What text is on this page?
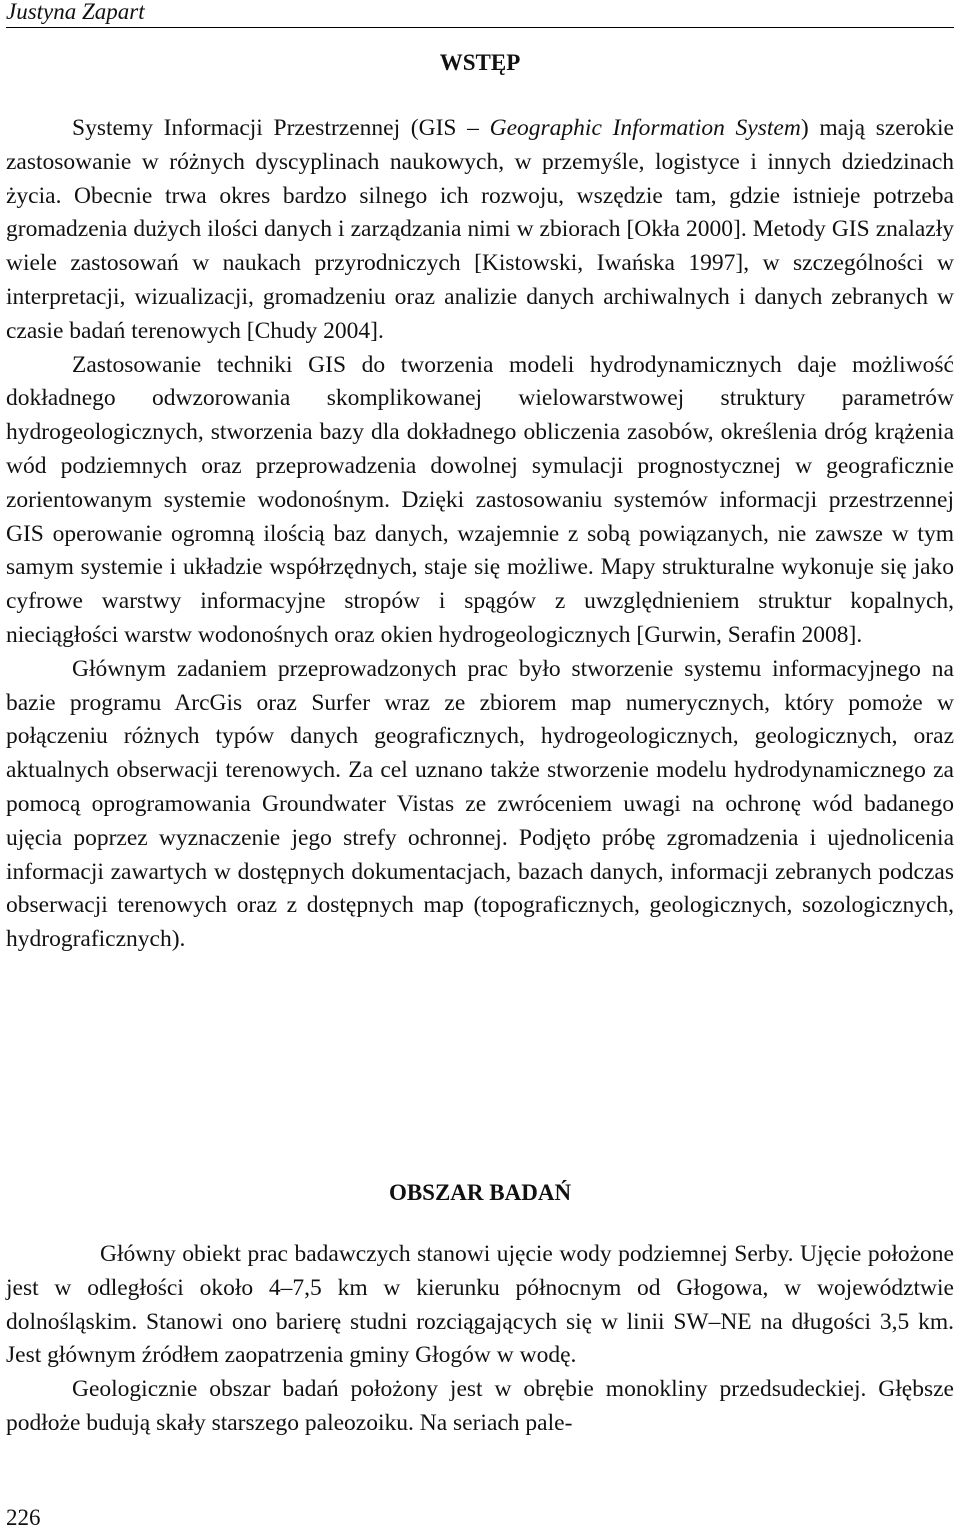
Justyna Zapart
WSTĘP

Systemy Informacji Przestrzennej (GIS – Geographic Information System) mają szerokie zastosowanie w różnych dyscyplinach naukowych, w przemyśle, logistyce i innych dziedzinach życia. Obecnie trwa okres bardzo silnego ich rozwoju, wszędzie tam, gdzie istnieje potrzeba gromadzenia dużych ilości danych i zarządzania nimi w zbiorach [Okła 2000]. Metody GIS znalazły wiele zastosowań w naukach przyrodniczych [Kistowski, Iwańska 1997], w szczególności w interpretacji, wizualizacji, gromadzeniu oraz analizie danych archiwalnych i danych zebranych w czasie badań terenowych [Chudy 2004].

Zastosowanie techniki GIS do tworzenia modeli hydrodynamicznych daje możliwość dokładnego odwzorowania skomplikowanej wielowarstwowej struktury parametrów hydrogeologicznych, stworzenia bazy dla dokładnego obliczenia zasobów, określenia dróg krążenia wód podziemnych oraz przeprowadzenia dowolnej symulacji prognostycznej w geograficznie zorientowanym systemie wodonośnym. Dzięki zastosowaniu systemów informacji przestrzennej GIS operowanie ogromną ilością baz danych, wzajemnie z sobą powiązanych, nie zawsze w tym samym systemie i układzie współrzędnych, staje się możliwe. Mapy strukturalne wykonuje się jako cyfrowe warstwy informacyjne stropów i spągów z uwzględnieniem struktur kopalnych, nieciągłości warstw wodonośnych oraz okien hydrogeologicznych [Gurwin, Serafin 2008].

Głównym zadaniem przeprowadzonych prac było stworzenie systemu informacyjnego na bazie programu ArcGis oraz Surfer wraz ze zbiorem map numerycznych, który pomoże w połączeniu różnych typów danych geograficznych, hydrogeologicznych, geologicznych, oraz aktualnych obserwacji terenowych. Za cel uznano także stworzenie modelu hydrodynamicznego za pomocą oprogramowania Groundwater Vistas ze zwróceniem uwagi na ochronę wód badanego ujęcia poprzez wyznaczenie jego strefy ochronnej. Podjęto próbę zgromadzenia i ujednolicenia informacji zawartych w dostępnych dokumentacjach, bazach danych, informacji zebranych podczas obserwacji terenowych oraz z dostępnych map (topograficznych, geologicznych, sozologicznych, hydrograficznych).

OBSZAR BADAŃ

Główny obiekt prac badawczych stanowi ujęcie wody podziemnej Serby. Ujęcie położone jest w odległości około 4–7,5 km w kierunku północnym od Głogowa, w województwie dolnośląskim. Stanowi ono barierę studni rozciągających się w linii SW–NE na długości 3,5 km. Jest głównym źródłem zaopatrzenia gminy Głogów w wodę.

Geologicznie obszar badań położony jest w obrębie monokliny przedsudeckiej. Głębsze podłoże budują skały starszego paleozoiku. Na seriach pale-

226
